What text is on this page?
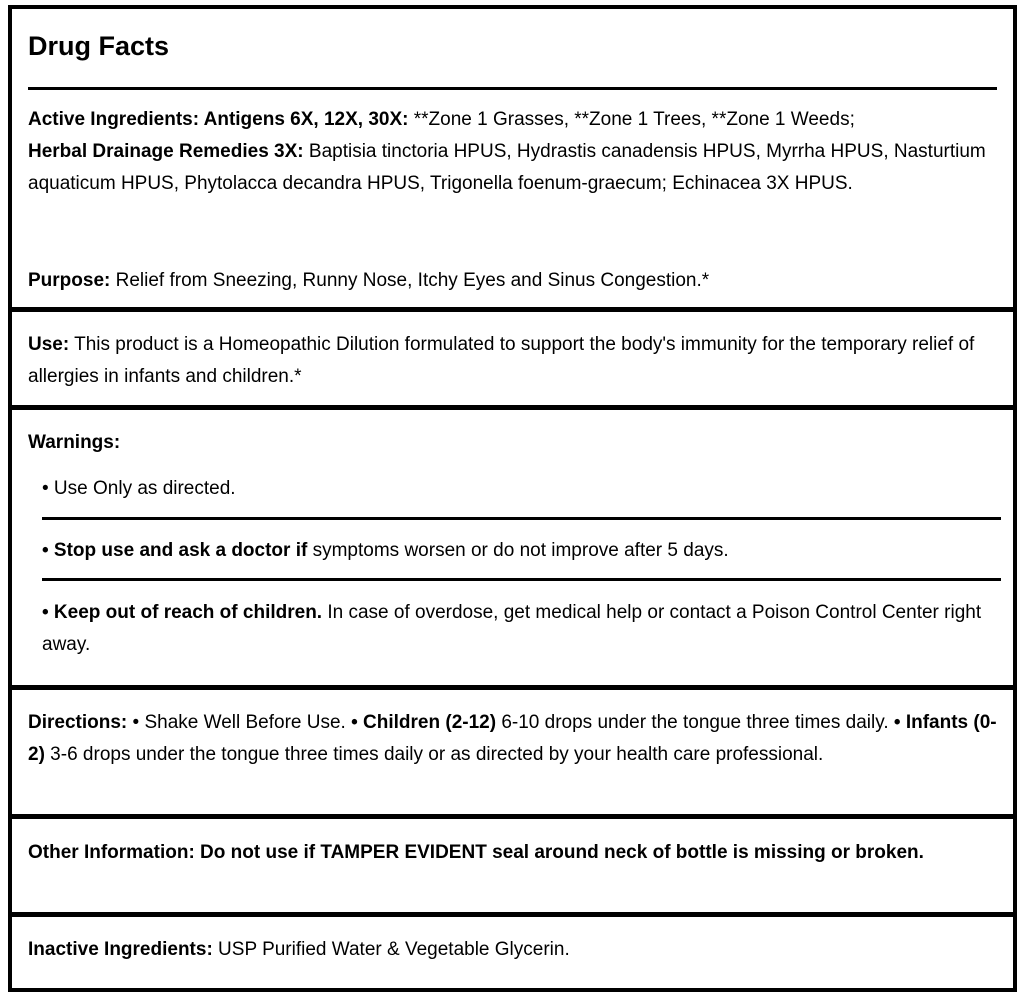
Drug Facts

Active Ingredients: Antigens 6X, 12X, 30X: **Zone 1 Grasses, **Zone 1 Trees, **Zone 1 Weeds;
Herbal Drainage Remedies 3X: Baptisia tinctoria HPUS, Hydrastis canadensis HPUS, Myrrha HPUS, Nasturtium aquaticum HPUS, Phytolacca decandra HPUS, Trigonella foenum-graecum; Echinacea 3X HPUS.

Purpose: Relief from Sneezing, Runny Nose, Itchy Eyes and Sinus Congestion.*

Use: This product is a Homeopathic Dilution formulated to support the body's immunity for the temporary relief of allergies in infants and children.*

Warnings:

• Use Only as directed.

• Stop use and ask a doctor if symptoms worsen or do not improve after 5 days.

• Keep out of reach of children. In case of overdose, get medical help or contact a Poison Control Center right away.

Directions: • Shake Well Before Use. • Children (2-12) 6-10 drops under the tongue three times daily. • Infants (0-2) 3-6 drops under the tongue three times daily or as directed by your health care professional.

Other Information: Do not use if TAMPER EVIDENT seal around neck of bottle is missing or broken.

Inactive Ingredients: USP Purified Water & Vegetable Glycerin.
